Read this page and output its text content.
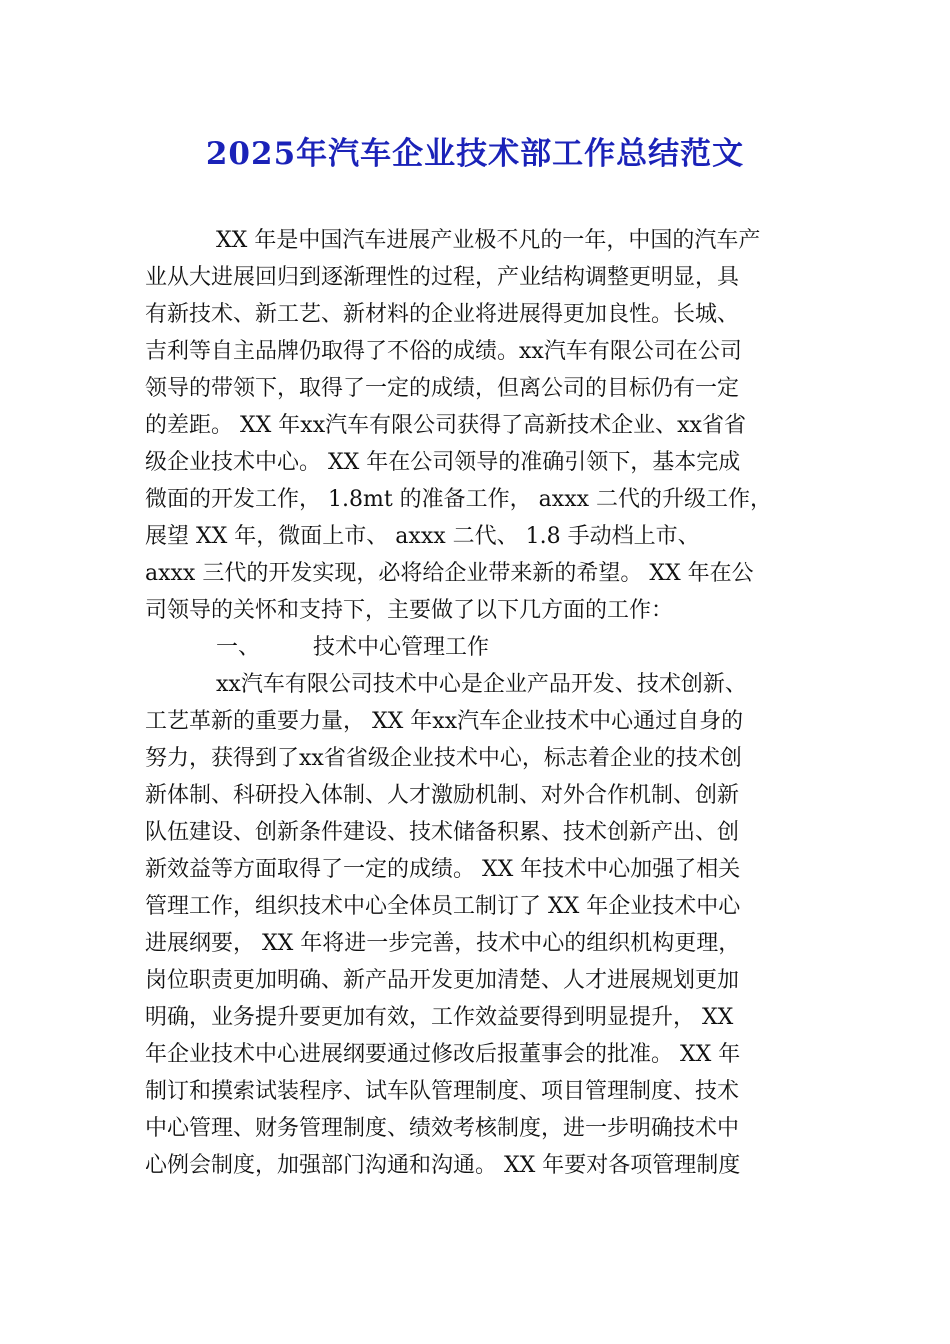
2025年汽车企业技术部工作总结范文
XX 年是中国汽车进展产业极不凡的一年，中国的汽车产
业从大进展回归到逐渐理性的过程，产业结构调整更明显，具
有新技术、新工艺、新材料的企业将进展得更加良性。长城、
吉利等自主品牌仍取得了不俗的成绩。xx汽车有限公司在公司
领导的带领下，取得了一定的成绩，但离公司的目标仍有一定
的差距。 XX 年xx汽车有限公司获得了高新技术企业、xx省省
级企业技术中心。 XX 年在公司领导的准确引领下，基本完成
微面的开发工作， 1.8mt 的准备工作， axxx 二代的升级工作，
展望 XX 年，微面上市、 axxx 二代、 1.8 手动档上市、
axxx 三代的开发实现，必将给企业带来新的希望。 XX 年在公
司领导的关怀和支持下，主要做了以下几方面的工作：
一、 技术中心管理工作
xx汽车有限公司技术中心是企业产品开发、技术创新、
工艺革新的重要力量， XX 年xx汽车企业技术中心通过自身的
努力，获得到了xx省省级企业技术中心，标志着企业的技术创
新体制、科研投入体制、人才激励机制、对外合作机制、创新
队伍建设、创新条件建设、技术储备积累、技术创新产出、创
新效益等方面取得了一定的成绩。 XX 年技术中心加强了相关
管理工作，组织技术中心全体员工制订了 XX 年企业技术中心
进展纲要， XX 年将进一步完善，技术中心的组织机构更理，
岗位职责更加明确、新产品开发更加清楚、人才进展规划更加
明确，业务提升要更加有效，工作效益要得到明显提升， XX
年企业技术中心进展纲要通过修改后报董事会的批准。 XX 年
制订和摸索试装程序、试车队管理制度、项目管理制度、技术
中心管理、财务管理制度、绩效考核制度，进一步明确技术中
心例会制度，加强部门沟通和沟通。 XX 年要对各项管理制度
